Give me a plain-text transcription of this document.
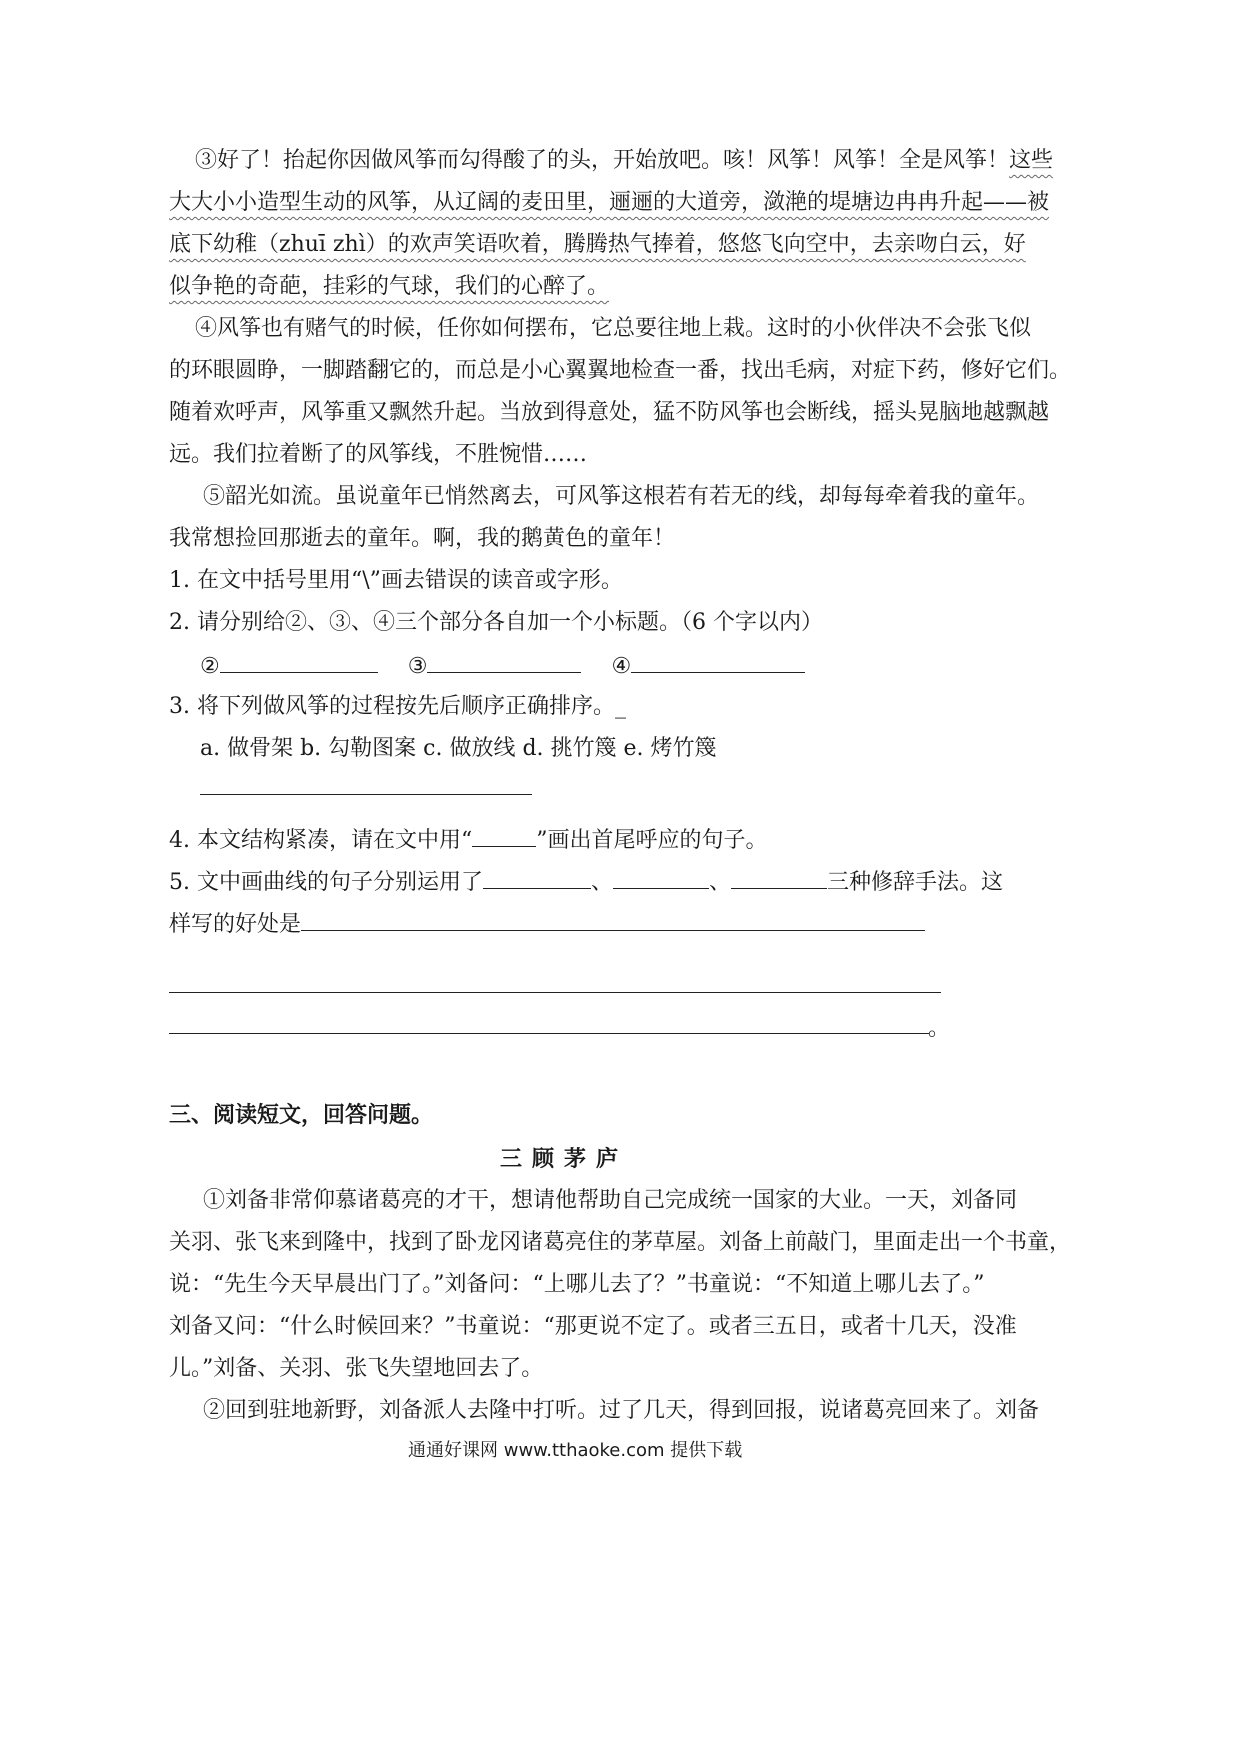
③好了！抬起你因做风筝而勾得酸了的头，开始放吧。咳！风筝！风筝！全是风筝！这些
大大小小造型生动的风筝，从辽阔的麦田里，逦逦的大道旁，潋滟的堤塘边冉冉升起——被
底下幼稚（zhuī zhì）的欢声笑语吹着，腾腾热气捧着，悠悠飞向空中，去亲吻白云，好
似争艳的奇葩，挂彩的气球，我们的心醉了。
④风筝也有赌气的时候，任你如何摆布，它总要往地上栽。这时的小伙伴决不会张飞似
的环眼圆睁，一脚踏翻它的，而总是小心翼翼地检查一番，找出毛病，对症下药，修好它们。
随着欢呼声，风筝重又飘然升起。当放到得意处，猛不防风筝也会断线，摇头晃脑地越飘越
远。我们拉着断了的风筝线，不胜惋惜……
⑤韶光如流。虽说童年已悄然离去，可风筝这根若有若无的线，却每每牵着我的童年。
我常想捡回那逝去的童年。啊，我的鹅黄色的童年！
1. 在文中括号里用“\”画去错误的读音或字形。
2. 请分别给②、③、④三个部分各自加一个小标题。（6 个字以内）
②	③	④
3. 将下列做风筝的过程按先后顺序正确排序。_
a. 做骨架 b. 勾勒图案 c. 做放线 d. 挑竹篾 e. 烤竹篾
4. 本文结构紧凑，请在文中用“	”画出首尾呼应的句子。
5. 文中画曲线的句子分别运用了	、	、	三种修辞手法。这
样写的好处是
。
三、阅读短文，回答问题。
三顾茅庐
①刘备非常仰慕诸葛亮的才干，想请他帮助自己完成统一国家的大业。一天，刘备同
关羽、张飞来到隆中，找到了卧龙冈诸葛亮住的茅草屋。刘备上前敲门，里面走出一个书童，
说：“先生今天早晨出门了。”刘备问：“上哪儿去了？”书童说：“不知道上哪儿去了。”
刘备又问：“什么时候回来？”书童说：“那更说不定了。或者三五日，或者十几天，没准
儿。”刘备、关羽、张飞失望地回去了。
②回到驻地新野，刘备派人去隆中打听。过了几天，得到回报，说诸葛亮回来了。刘备
通通好课网 www.tthaoke.com 提供下载
